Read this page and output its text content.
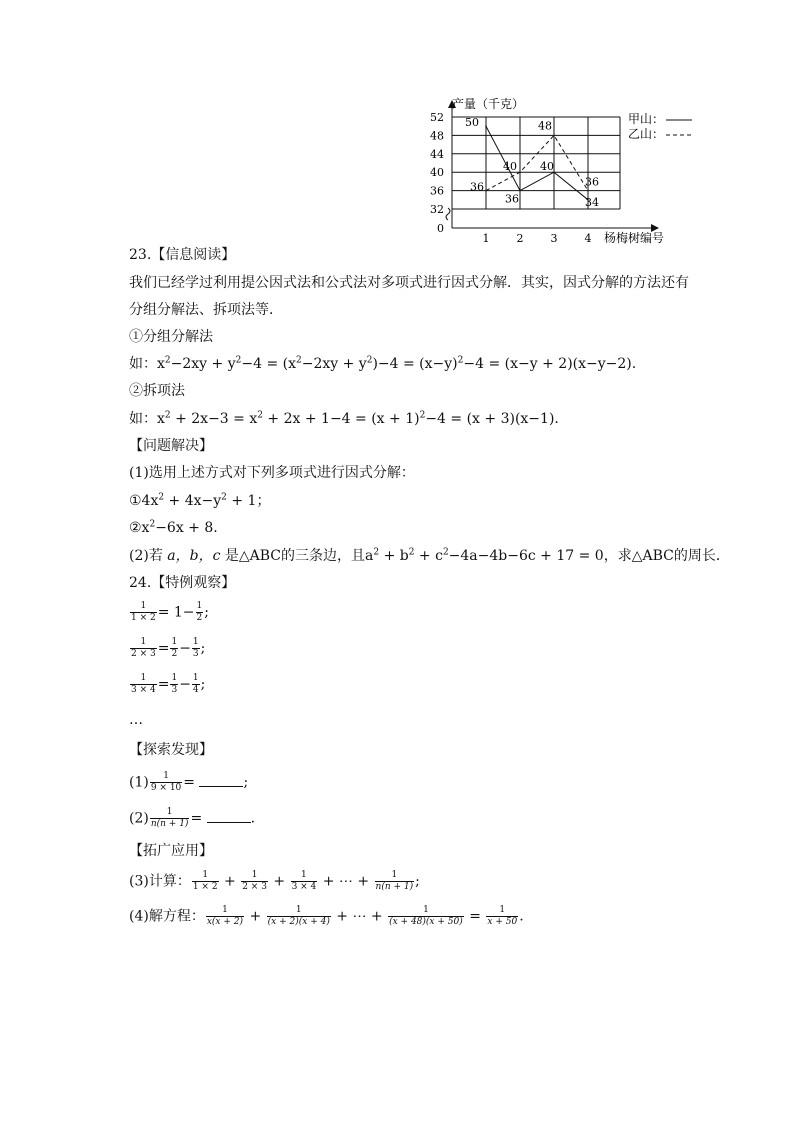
52
48
44
40
36
32
0
1 2 3 4
50
36
40
34
36
40
48
36
产量（千克）
杨梅树编号
甲山：
乙山：
23.【信息阅读】
我们已经学过利用提公因式法和公式法对多项式进行因式分解．其实，因式分解的方法还有
分组分解法、拆项法等．
①分组分解法
如：$x^2-2xy + y^2-4 = (x^2-2xy + y^2)-4 = (x-y)^2-4 = (x-y + 2)(x-y-2)$.
②拆项法
如：$x^2 + 2x-3 = x^2 + 2x + 1-4 = (x + 1)^2-4 = (x + 3)(x-1)$.
【问题解决】
(1)选用上述方式对下列多项式进行因式分解：
$①4x^2 + 4x-y^2 + 1$；
$②x^2-6x + 8$.
(2)若 a，b，c 是△ABC的三条边，且$a^2 + b^2 + c^2-4a-4b-6c + 17 = 0$，求△ABC的周长．
24.【特例观察】
$\frac{1}{1 \times 2} = 1- \frac{1}{2}$ ;
$\frac{1}{2 \times 3} = \frac{1}{2} - \frac{1}{3}$ ;
$\frac{1}{3 \times 4} = \frac{1}{3} - \frac{1}{4}$ ;
…
【探索发现】
$(1) \frac{1}{9 \times 10}$ =	;
$(2) \frac{1}{n(n + 1)}$ =	.
【拓广应用】
(3)计算： $\frac{1}{1 \times 2} + \frac{1}{2 \times 3} + \frac{1}{3 \times 4}$ + ⋯ + $\frac{1}{n(n + 1)}$ ;
(4)解方程： $\frac{1}{x(x + 2)} + \frac{1}{(x + 2)(x + 4)}$ + ⋯ + $\frac{1}{(x + 48)(x + 50)} = \frac{1}{x + 50}$ .
